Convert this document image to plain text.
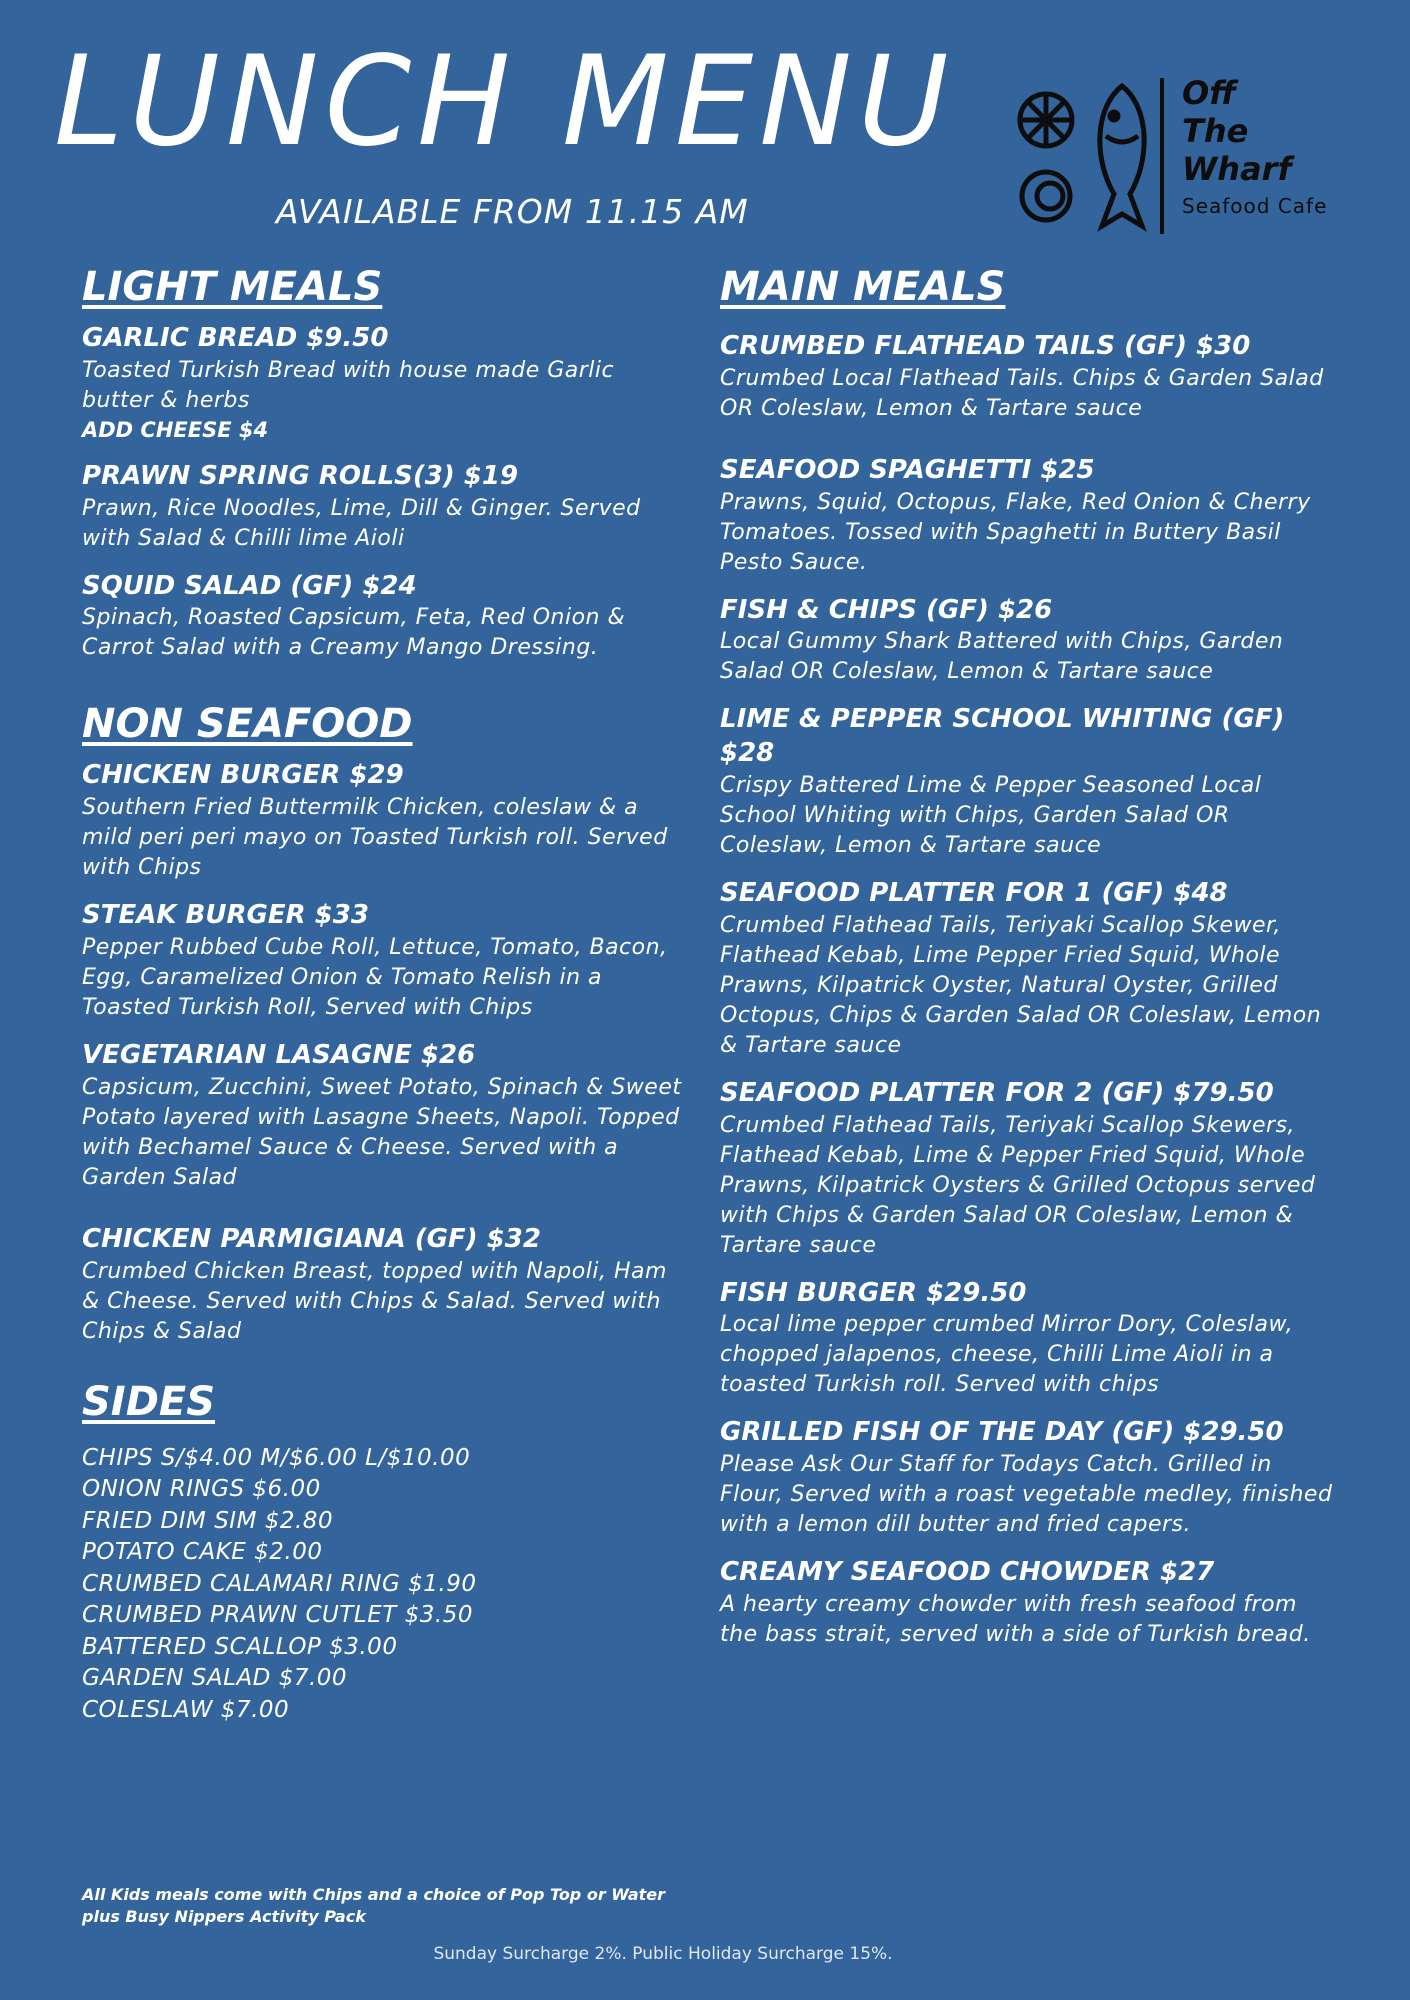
LUNCH MENU
AVAILABLE FROM 11.15 AM
Off
The
Wharf
Seafood Cafe
LIGHT MEALS
GARLIC BREAD $9.50
Toasted Turkish Bread with house made Garlic butter & herbs
ADD CHEESE $4
PRAWN SPRING ROLLS(3) $19
Prawn, Rice Noodles, Lime, Dill & Ginger. Served with Salad & Chilli lime Aioli
SQUID SALAD (GF) $24
Spinach, Roasted Capsicum, Feta, Red Onion & Carrot Salad with a Creamy Mango Dressing.
NON SEAFOOD
CHICKEN BURGER $29
Southern Fried Buttermilk Chicken, coleslaw & a mild peri peri mayo on Toasted Turkish roll. Served with Chips
STEAK BURGER $33
Pepper Rubbed Cube Roll, Lettuce, Tomato, Bacon, Egg, Caramelized Onion & Tomato Relish in a Toasted Turkish Roll, Served with Chips
VEGETARIAN LASAGNE $26
Capsicum, Zucchini, Sweet Potato, Spinach & Sweet Potato layered with Lasagne Sheets, Napoli. Topped with Bechamel Sauce & Cheese. Served with a Garden Salad
CHICKEN PARMIGIANA (GF) $32
Crumbed Chicken Breast, topped with Napoli, Ham & Cheese. Served with Chips & Salad. Served with Chips & Salad
SIDES
CHIPS S/$4.00 M/$6.00 L/$10.00
ONION RINGS $6.00
FRIED DIM SIM $2.80
POTATO CAKE $2.00
CRUMBED CALAMARI RING $1.90
CRUMBED PRAWN CUTLET $3.50
BATTERED SCALLOP $3.00
GARDEN SALAD $7.00
COLESLAW $7.00
MAIN MEALS
CRUMBED FLATHEAD TAILS (GF) $30
Crumbed Local Flathead Tails. Chips & Garden Salad OR Coleslaw, Lemon & Tartare sauce
SEAFOOD SPAGHETTI $25
Prawns, Squid, Octopus, Flake, Red Onion & Cherry Tomatoes. Tossed with Spaghetti in Buttery Basil Pesto Sauce.
FISH & CHIPS (GF) $26
Local Gummy Shark Battered with Chips, Garden Salad OR Coleslaw, Lemon & Tartare sauce
LIME & PEPPER SCHOOL WHITING (GF) $28
Crispy Battered Lime & Pepper Seasoned Local School Whiting with Chips, Garden Salad OR Coleslaw, Lemon & Tartare sauce
SEAFOOD PLATTER FOR 1 (GF) $48
Crumbed Flathead Tails, Teriyaki Scallop Skewer, Flathead Kebab, Lime Pepper Fried Squid, Whole Prawns, Kilpatrick Oyster, Natural Oyster, Grilled Octopus, Chips & Garden Salad OR Coleslaw, Lemon & Tartare sauce
SEAFOOD PLATTER FOR 2 (GF) $79.50
Crumbed Flathead Tails, Teriyaki Scallop Skewers, Flathead Kebab, Lime & Pepper Fried Squid, Whole Prawns, Kilpatrick Oysters & Grilled Octopus served with Chips & Garden Salad OR Coleslaw, Lemon & Tartare sauce
FISH BURGER $29.50
Local lime pepper crumbed Mirror Dory, Coleslaw, chopped jalapenos, cheese, Chilli Lime Aioli in a toasted Turkish roll. Served with chips
GRILLED FISH OF THE DAY (GF) $29.50
Please Ask Our Staff for Todays Catch. Grilled in Flour, Served with a roast vegetable medley, finished with a lemon dill butter and fried capers.
CREAMY SEAFOOD CHOWDER $27
A hearty creamy chowder with fresh seafood from the bass strait, served with a side of Turkish bread.
All Kids meals come with Chips and a choice of Pop Top or Water plus Busy Nippers Activity Pack
Sunday Surcharge 2%. Public Holiday Surcharge 15%.
